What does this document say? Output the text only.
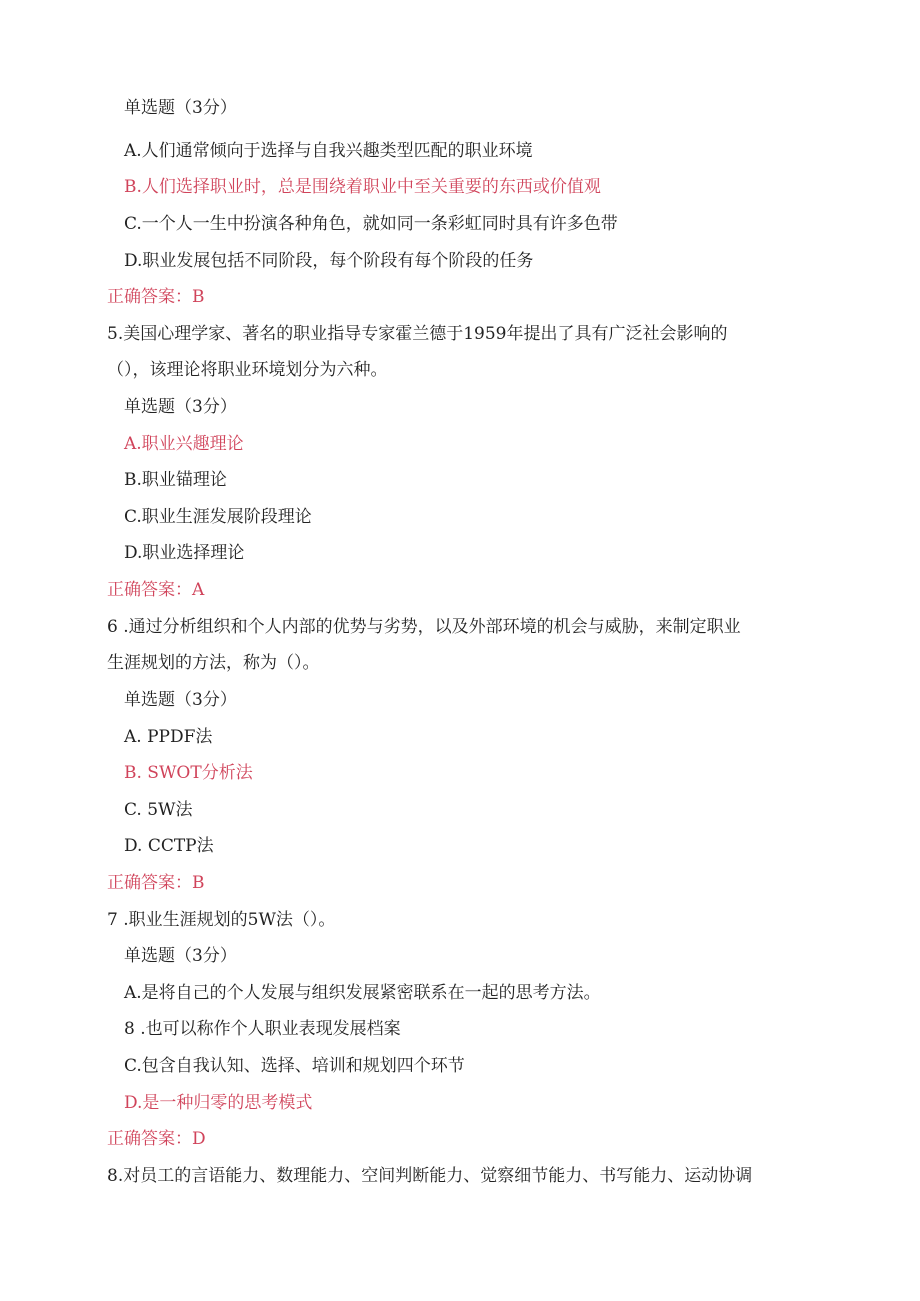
单选题（3分）
A.人们通常倾向于选择与自我兴趣类型匹配的职业环境
B.人们选择职业时，总是围绕着职业中至关重要的东西或价值观
C.一个人一生中扮演各种角色，就如同一条彩虹同时具有许多色带
D.职业发展包括不同阶段，每个阶段有每个阶段的任务
正确答案：B
5.美国心理学家、著名的职业指导专家霍兰德于1959年提出了具有广泛社会影响的
（），该理论将职业环境划分为六种。
单选题（3分）
A.职业兴趣理论
B.职业锚理论
C.职业生涯发展阶段理论
D.职业选择理论
正确答案：A
6 .通过分析组织和个人内部的优势与劣势，以及外部环境的机会与威胁，来制定职业
生涯规划的方法，称为（）。
单选题（3分）
A. PPDF法
B. SWOT分析法
C. 5W法
D. CCTP法
正确答案：B
7 .职业生涯规划的5W法（）。
单选题（3分）
A.是将自己的个人发展与组织发展紧密联系在一起的思考方法。
8 .也可以称作个人职业表现发展档案
C.包含自我认知、选择、培训和规划四个环节
D.是一种归零的思考模式
正确答案：D
8.对员工的言语能力、数理能力、空间判断能力、觉察细节能力、书写能力、运动协调
